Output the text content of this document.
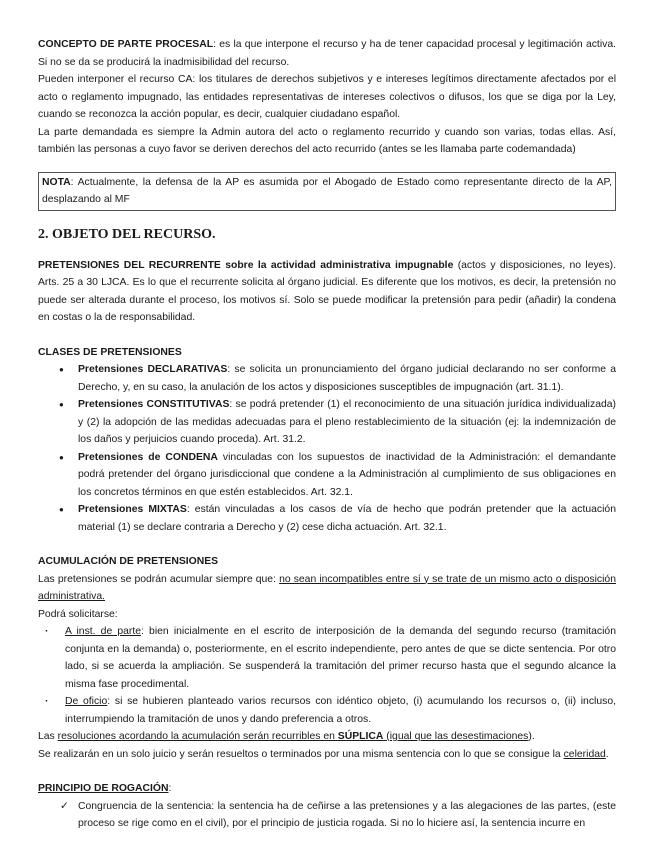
CONCEPTO DE PARTE PROCESAL: es la que interpone el recurso y ha de tener capacidad procesal y legitimación activa. Si no se da se producirá la inadmisibilidad del recurso.

Pueden interponer el recurso CA: los titulares de derechos subjetivos y e intereses legítimos directamente afectados por el acto o reglamento impugnado, las entidades representativas de intereses colectivos o difusos, los que se diga por la Ley, cuando se reconozca la acción popular, es decir, cualquier ciudadano español.

La parte demandada es siempre la Admin autora del acto o reglamento recurrido y cuando son varias, todas ellas. Así, también las personas a cuyo favor se deriven derechos del acto recurrido (antes se les llamaba parte codemandada)

NOTA: Actualmente, la defensa de la AP es asumida por el Abogado de Estado como representante directo de la AP, desplazando al MF
2. OBJETO DEL RECURSO.

PRETENSIONES DEL RECURRENTE sobre la actividad administrativa impugnable (actos y disposiciones, no leyes). Arts. 25 a 30 LJCA. Es lo que el recurrente solicita al órgano judicial. Es diferente que los motivos, es decir, la pretensión no puede ser alterada durante el proceso, los motivos sí. Solo se puede modificar la pretensión para pedir (añadir) la condena en costas o la de responsabilidad.

CLASES DE PRETENSIONES

● Pretensiones DECLARATIVAS: se solicita un pronunciamiento del órgano judicial declarando no ser conforme a Derecho, y, en su caso, la anulación de los actos y disposiciones susceptibles de impugnación (art. 31.1).
● Pretensiones CONSTITUTIVAS: se podrá pretender (1) el reconocimiento de una situación jurídica individualizada) y (2) la adopción de las medidas adecuadas para el pleno restablecimiento de la situación (ej: la indemnización de los daños y perjuicios cuando proceda). Art. 31.2.
● Pretensiones de CONDENA vinculadas con los supuestos de inactividad de la Administración: el demandante podrá pretender del órgano jurisdiccional que condene a la Administración al cumplimiento de sus obligaciones en los concretos términos en que estén establecidos. Art. 32.1.
● Pretensiones MIXTAS: están vinculadas a los casos de vía de hecho que podrán pretender que la actuación material (1) se declare contraria a Derecho y (2) cese dicha actuación. Art. 32.1.

ACUMULACIÓN DE PRETENSIONES

Las pretensiones se podrán acumular siempre que: no sean incompatibles entre sí y se trate de un mismo acto o disposición administrativa.

Podrá solicitarse:

· A inst. de parte: bien inicialmente en el escrito de interposición de la demanda del segundo recurso (tramitación conjunta en la demanda) o, posteriormente, en el escrito independiente, pero antes de que se dicte sentencia. Por otro lado, si se acuerda la ampliación. Se suspenderá la tramitación del primer recurso hasta que el segundo alcance la misma fase procedimental.
· De oficio: si se hubieren planteado varios recursos con idéntico objeto, (i) acumulando los recursos o, (ii) incluso, interrumpiendo la tramitación de unos y dando preferencia a otros.

Las resoluciones acordando la acumulación serán recurribles en SÚPLICA (igual que las desestimaciones).

Se realizarán en un solo juicio y serán resueltos o terminados por una misma sentencia con lo que se consigue la celeridad.

PRINCIPIO DE ROGACIÓN:

✓ Congruencia de la sentencia: la sentencia ha de ceñirse a las pretensiones y a las alegaciones de las partes, (este proceso se rige como en el civil), por el principio de justicia rogada. Si no lo hiciere así, la sentencia incurre en
